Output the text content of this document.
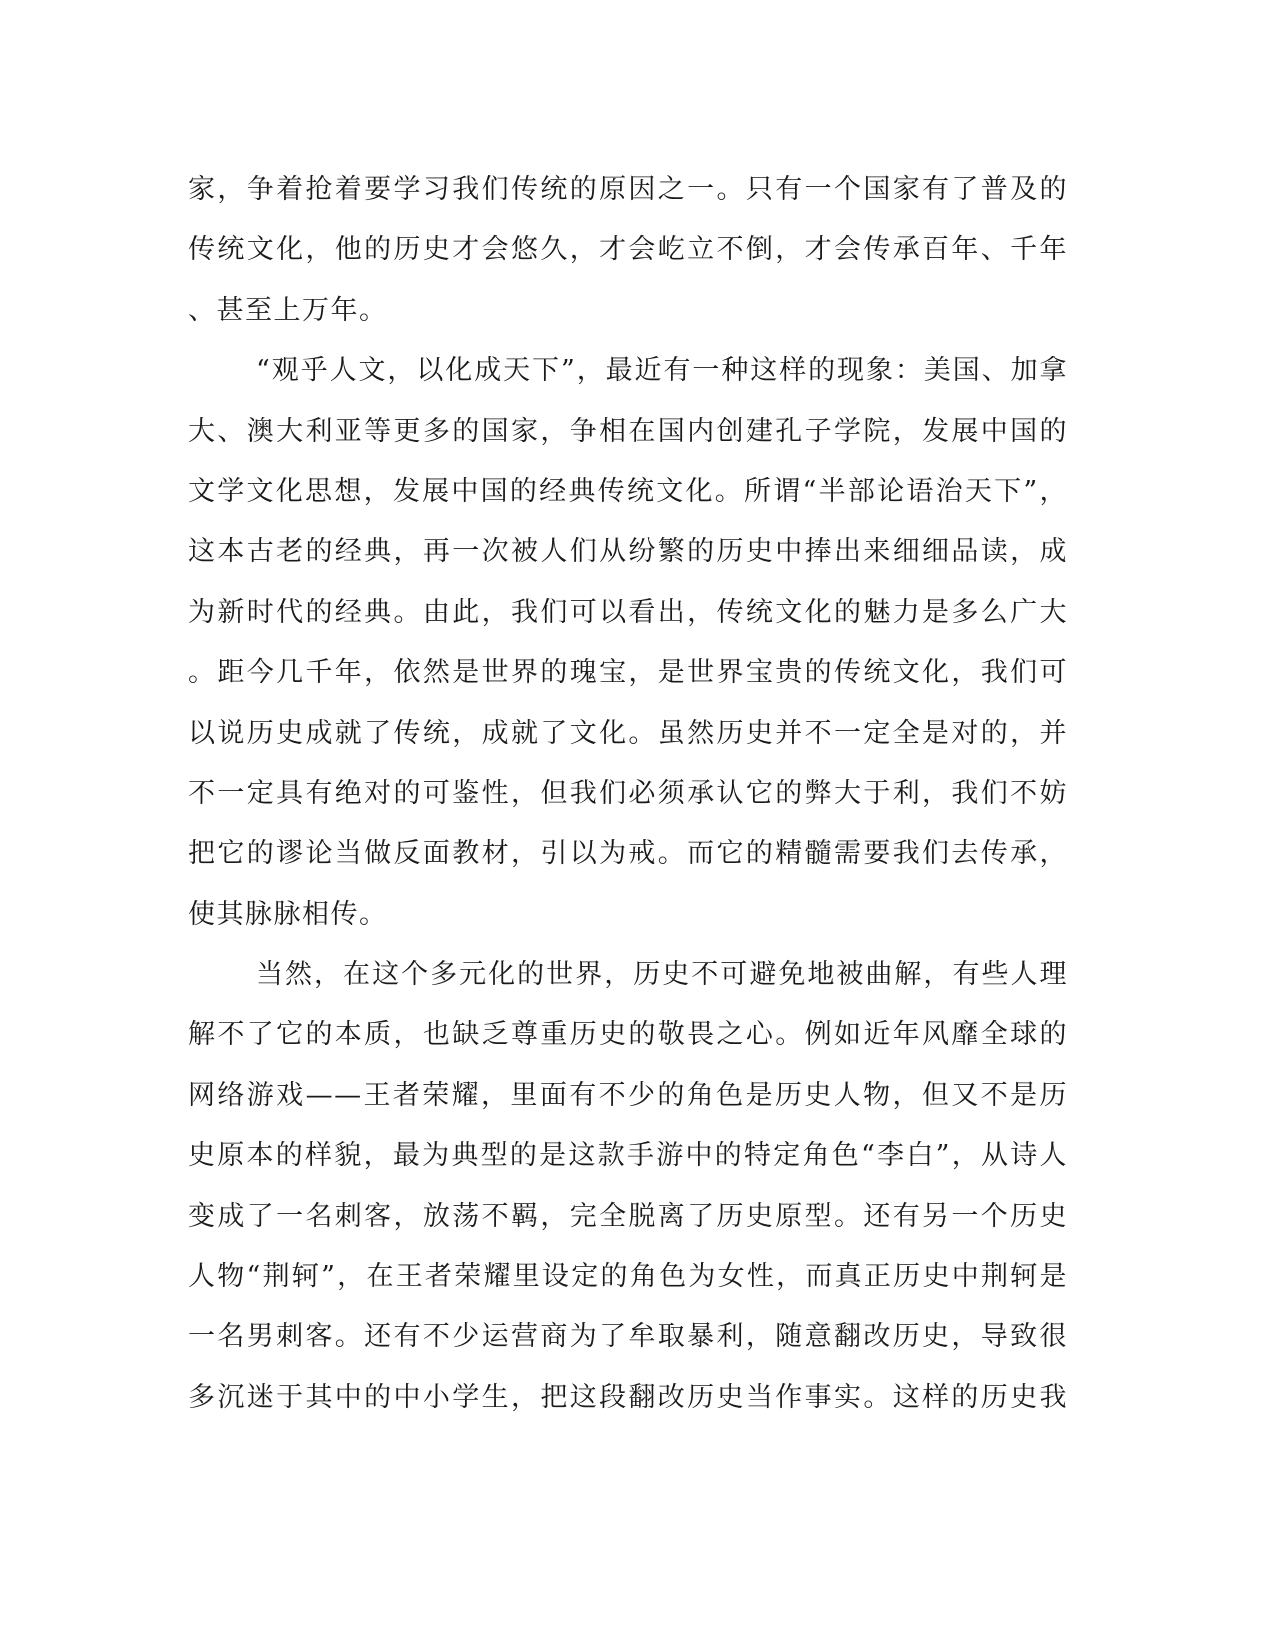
家，争着抢着要学习我们传统的原因之一。只有一个国家有了普及的
传统文化，他的历史才会悠久，才会屹立不倒，才会传承百年、千年
、甚至上万年。
“观乎人文，以化成天下”，最近有一种这样的现象：美国、加拿
大、澳大利亚等更多的国家，争相在国内创建孔子学院，发展中国的
文学文化思想，发展中国的经典传统文化。所谓“半部论语治天下”，
这本古老的经典，再一次被人们从纷繁的历史中捧出来细细品读，成
为新时代的经典。由此，我们可以看出，传统文化的魅力是多么广大
。距今几千年，依然是世界的瑰宝，是世界宝贵的传统文化，我们可
以说历史成就了传统，成就了文化。虽然历史并不一定全是对的，并
不一定具有绝对的可鉴性，但我们必须承认它的弊大于利，我们不妨
把它的谬论当做反面教材，引以为戒。而它的精髓需要我们去传承，
使其脉脉相传。
当然，在这个多元化的世界，历史不可避免地被曲解，有些人理
解不了它的本质，也缺乏尊重历史的敬畏之心。例如近年风靡全球的
网络游戏——王者荣耀，里面有不少的角色是历史人物，但又不是历
史原本的样貌，最为典型的是这款手游中的特定角色“李白”，从诗人
变成了一名刺客，放荡不羁，完全脱离了历史原型。还有另一个历史
人物“荆轲”，在王者荣耀里设定的角色为女性，而真正历史中荆轲是
一名男刺客。还有不少运营商为了牟取暴利，随意翻改历史，导致很
多沉迷于其中的中小学生，把这段翻改历史当作事实。这样的历史我
